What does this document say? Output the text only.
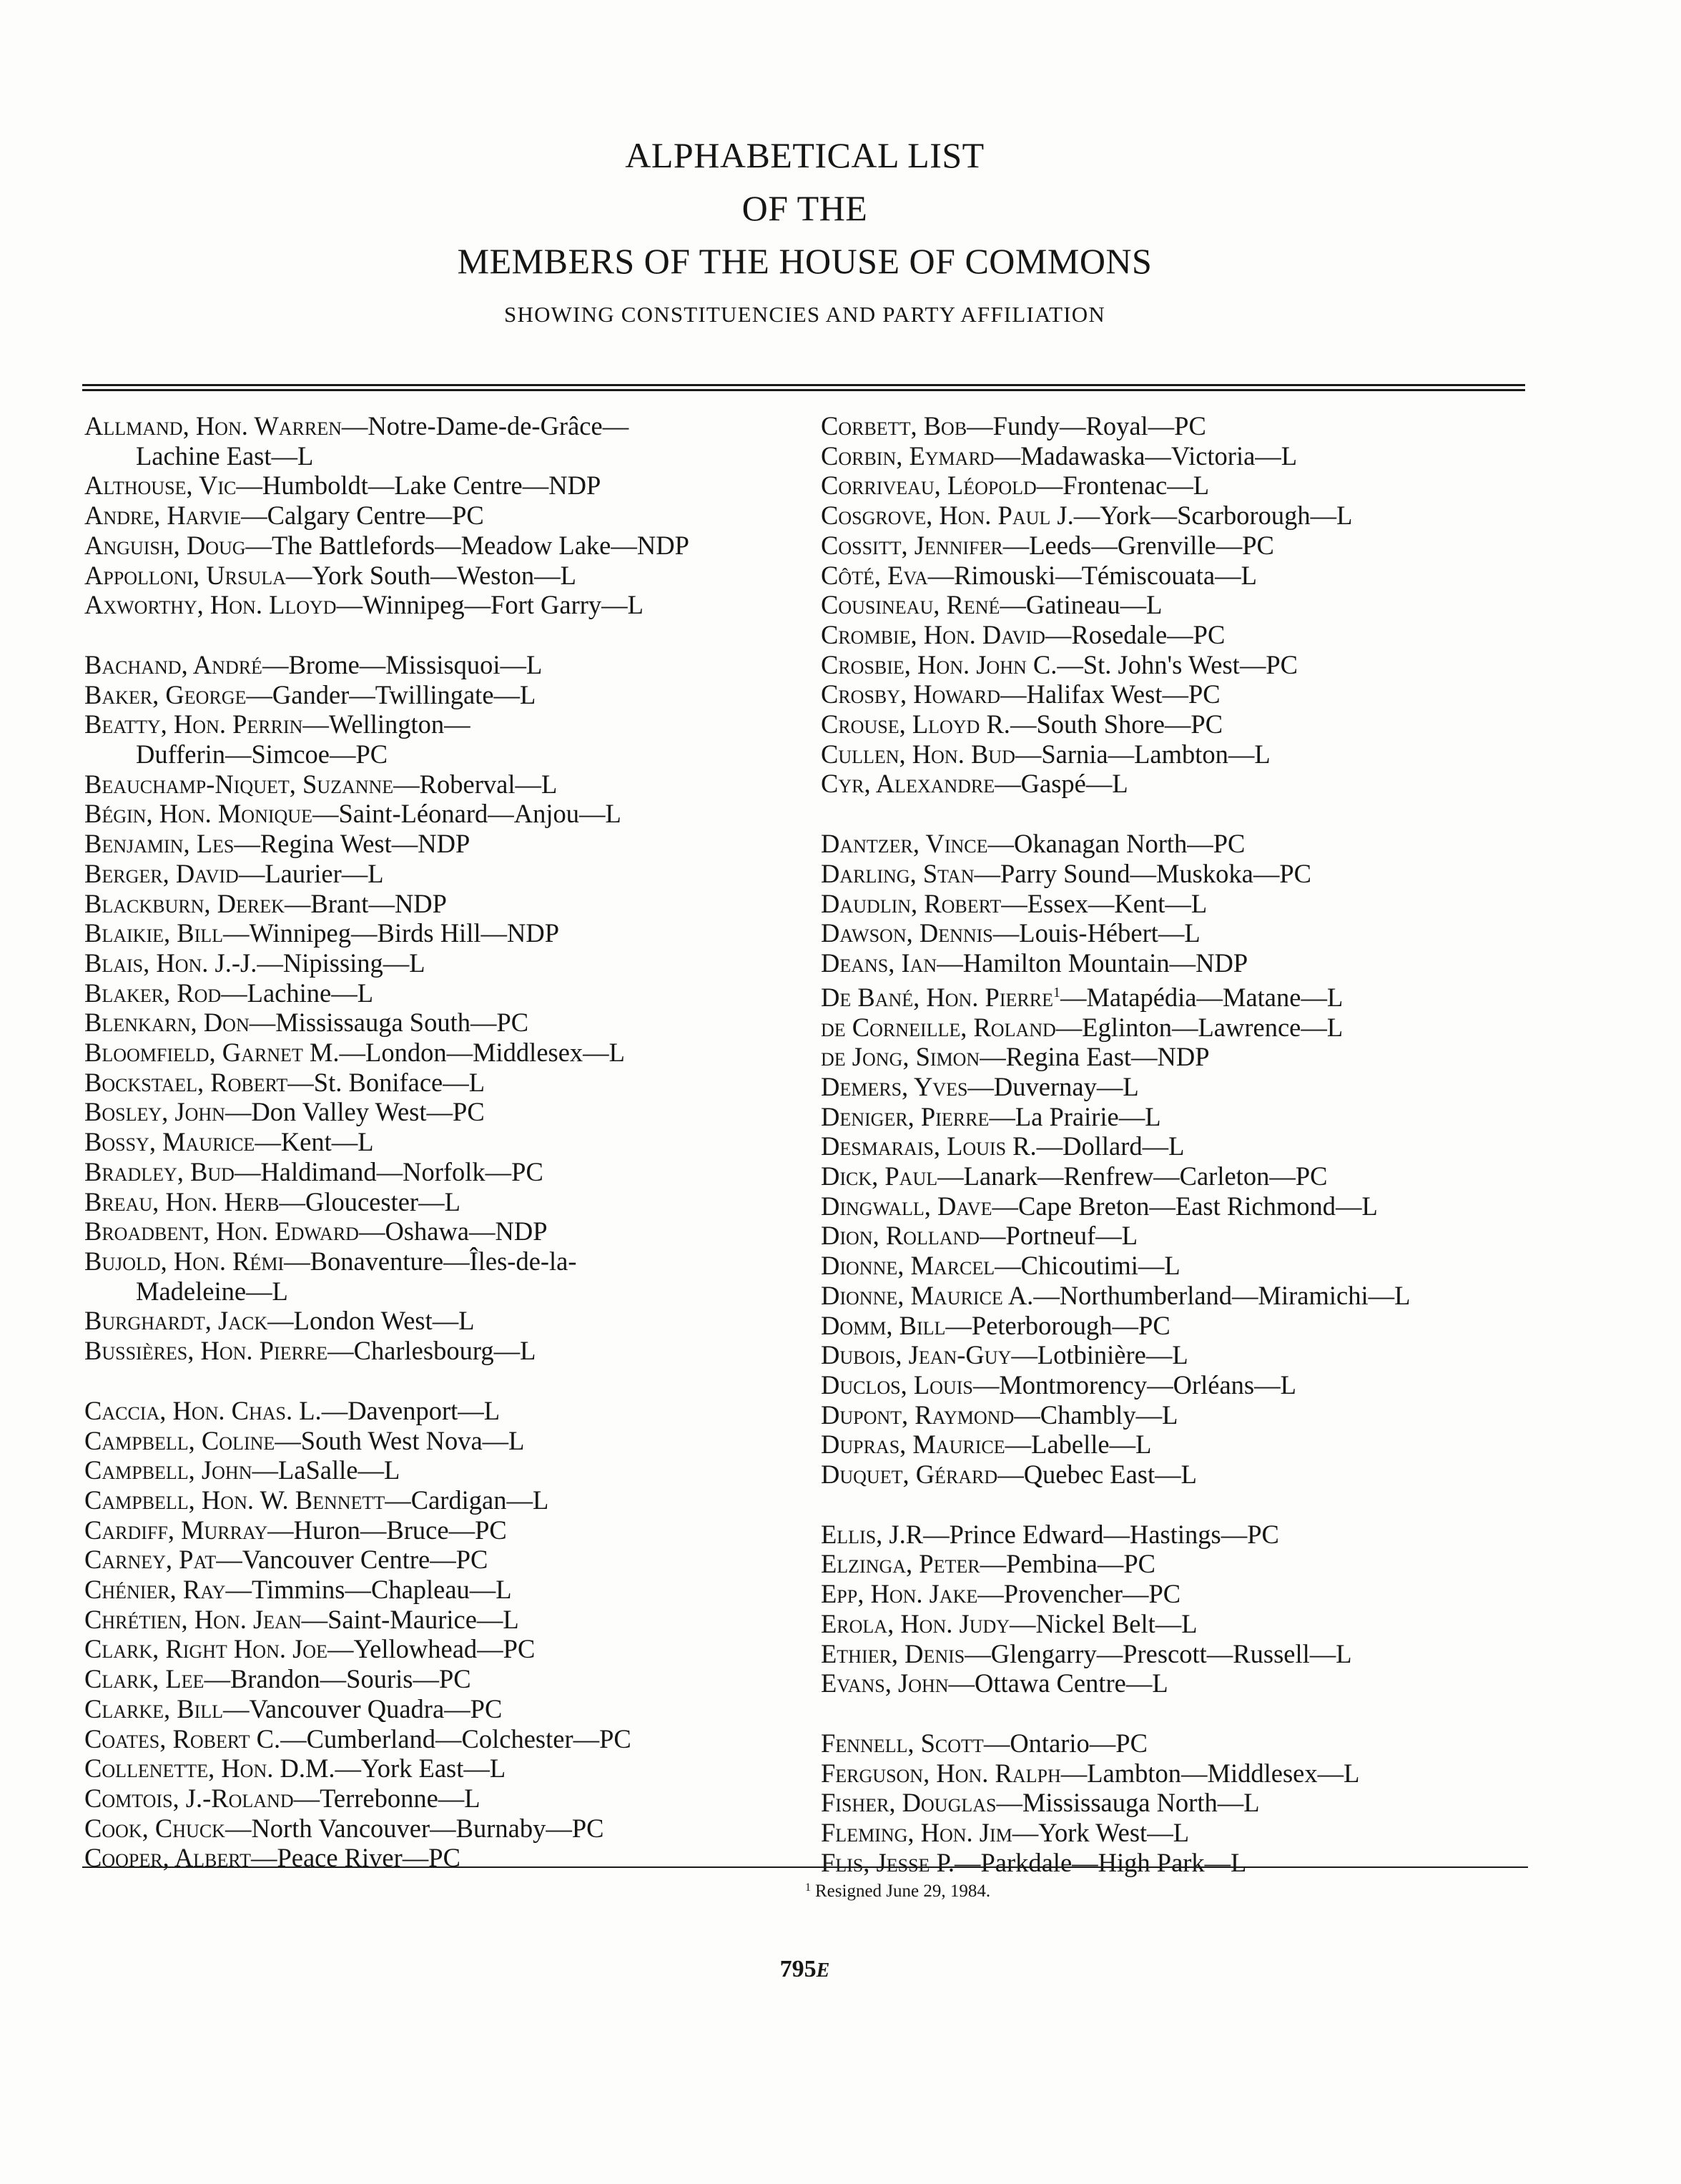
ALPHABETICAL LIST
OF THE
MEMBERS OF THE HOUSE OF COMMONS
SHOWING CONSTITUENCIES AND PARTY AFFILIATION
Allmand, Hon. Warren—Notre-Dame-de-Grâce—
Lachine East—L
Althouse, Vic—Humboldt—Lake Centre—NDP
Andre, Harvie—Calgary Centre—PC
Anguish, Doug—The Battlefords—Meadow Lake—NDP
Appolloni, Ursula—York South—Weston—L
Axworthy, Hon. Lloyd—Winnipeg—Fort Garry—L
Bachand, André—Brome—Missisquoi—L
Baker, George—Gander—Twillingate—L
Beatty, Hon. Perrin—Wellington—
Dufferin—Simcoe—PC
Beauchamp-Niquet, Suzanne—Roberval—L
Bégin, Hon. Monique—Saint-Léonard—Anjou—L
Benjamin, Les—Regina West—NDP
Berger, David—Laurier—L
Blackburn, Derek—Brant—NDP
Blaikie, Bill—Winnipeg—Birds Hill—NDP
Blais, Hon. J.-J.—Nipissing—L
Blaker, Rod—Lachine—L
Blenkarn, Don—Mississauga South—PC
Bloomfield, Garnet M.—London—Middlesex—L
Bockstael, Robert—St. Boniface—L
Bosley, John—Don Valley West—PC
Bossy, Maurice—Kent—L
Bradley, Bud—Haldimand—Norfolk—PC
Breau, Hon. Herb—Gloucester—L
Broadbent, Hon. Edward—Oshawa—NDP
Bujold, Hon. Rémi—Bonaventure—Îles-de-la-
Madeleine—L
Burghardt, Jack—London West—L
Bussières, Hon. Pierre—Charlesbourg—L
Caccia, Hon. Chas. L.—Davenport—L
Campbell, Coline—South West Nova—L
Campbell, John—LaSalle—L
Campbell, Hon. W. Bennett—Cardigan—L
Cardiff, Murray—Huron—Bruce—PC
Carney, Pat—Vancouver Centre—PC
Chénier, Ray—Timmins—Chapleau—L
Chrétien, Hon. Jean—Saint-Maurice—L
Clark, Right Hon. Joe—Yellowhead—PC
Clark, Lee—Brandon—Souris—PC
Clarke, Bill—Vancouver Quadra—PC
Coates, Robert C.—Cumberland—Colchester—PC
Collenette, Hon. D.M.—York East—L
Comtois, J.-Roland—Terrebonne—L
Cook, Chuck—North Vancouver—Burnaby—PC
Cooper, Albert—Peace River—PC
Corbett, Bob—Fundy—Royal—PC
Corbin, Eymard—Madawaska—Victoria—L
Corriveau, Léopold—Frontenac—L
Cosgrove, Hon. Paul J.—York—Scarborough—L
Cossitt, Jennifer—Leeds—Grenville—PC
Côté, Eva—Rimouski—Témiscouata—L
Cousineau, René—Gatineau—L
Crombie, Hon. David—Rosedale—PC
Crosbie, Hon. John C.—St. John's West—PC
Crosby, Howard—Halifax West—PC
Crouse, Lloyd R.—South Shore—PC
Cullen, Hon. Bud—Sarnia—Lambton—L
Cyr, Alexandre—Gaspé—L
Dantzer, Vince—Okanagan North—PC
Darling, Stan—Parry Sound—Muskoka—PC
Daudlin, Robert—Essex—Kent—L
Dawson, Dennis—Louis-Hébert—L
Deans, Ian—Hamilton Mountain—NDP
De Bané, Hon. Pierre$^1$—Matapédia—Matane—L
de Corneille, Roland—Eglinton—Lawrence—L
de Jong, Simon—Regina East—NDP
Demers, Yves—Duvernay—L
Deniger, Pierre—La Prairie—L
Desmarais, Louis R.—Dollard—L
Dick, Paul—Lanark—Renfrew—Carleton—PC
Dingwall, Dave—Cape Breton—East Richmond—L
Dion, Rolland—Portneuf—L
Dionne, Marcel—Chicoutimi—L
Dionne, Maurice A.—Northumberland—Miramichi—L
Domm, Bill—Peterborough—PC
Dubois, Jean-Guy—Lotbinière—L
Duclos, Louis—Montmorency—Orléans—L
Dupont, Raymond—Chambly—L
Dupras, Maurice—Labelle—L
Duquet, Gérard—Quebec East—L
Ellis, J.R—Prince Edward—Hastings—PC
Elzinga, Peter—Pembina—PC
Epp, Hon. Jake—Provencher—PC
Erola, Hon. Judy—Nickel Belt—L
Ethier, Denis—Glengarry—Prescott—Russell—L
Evans, John—Ottawa Centre—L
Fennell, Scott—Ontario—PC
Ferguson, Hon. Ralph—Lambton—Middlesex—L
Fisher, Douglas—Mississauga North—L
Fleming, Hon. Jim—York West—L
Flis, Jesse P.—Parkdale—High Park—L
$^1$ Resigned June 29, 1984.
795E
